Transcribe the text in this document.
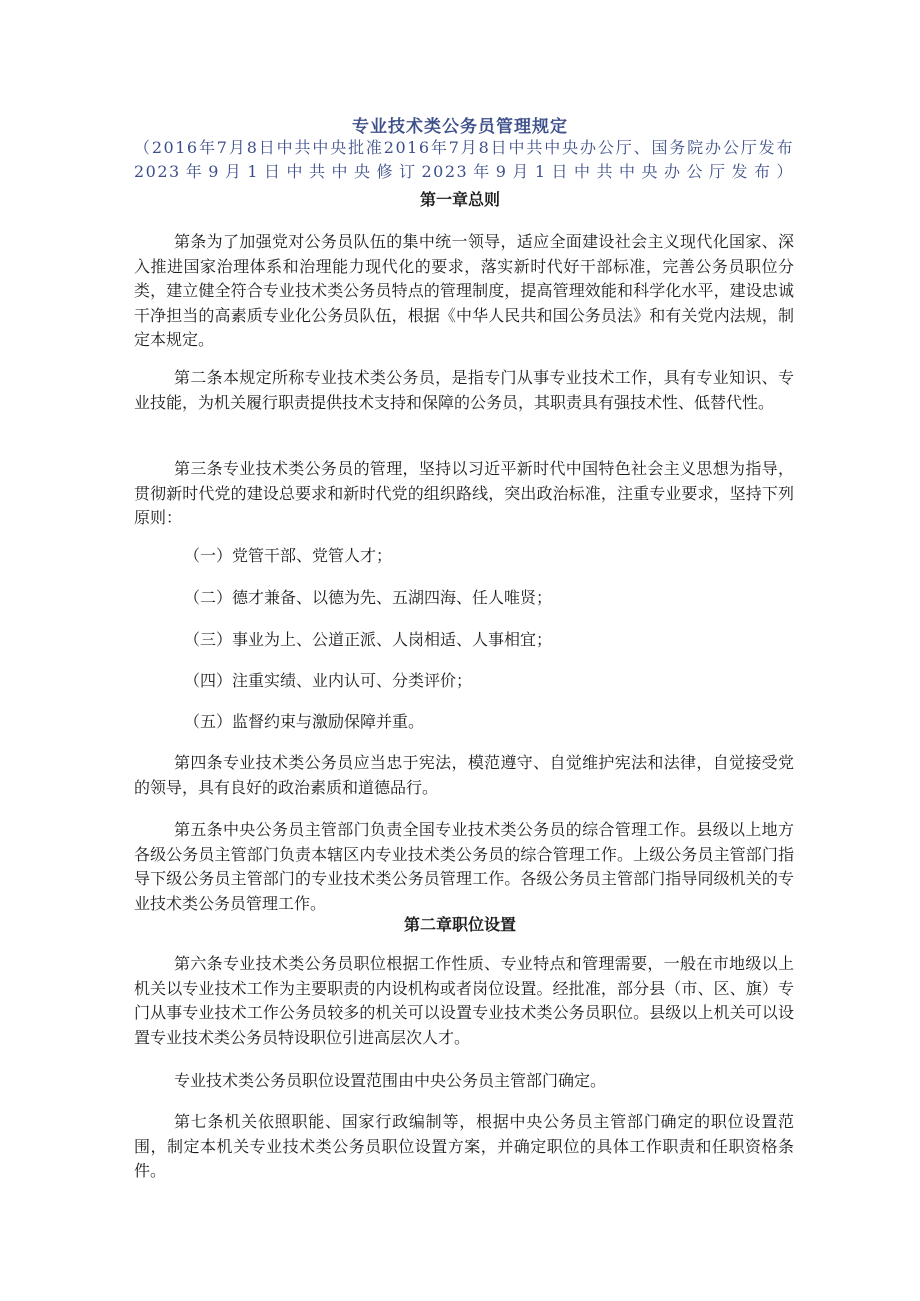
专业技术类公务员管理规定

（2016年7月8日中共中央批准2016年7月8日中共中央办公厅、国务院办公厅发布2023年9月1日中共中央修订2023年9月1日中共中央办公厅发布）

第一章总则

第条为了加强党对公务员队伍的集中统一领导，适应全面建设社会主义现代化国家、深入推进国家治理体系和治理能力现代化的要求，落实新时代好干部标准，完善公务员职位分类，建立健全符合专业技术类公务员特点的管理制度，提高管理效能和科学化水平，建设忠诚干净担当的高素质专业化公务员队伍，根据《中华人民共和国公务员法》和有关党内法规，制定本规定。

第二条本规定所称专业技术类公务员，是指专门从事专业技术工作，具有专业知识、专业技能，为机关履行职责提供技术支持和保障的公务员，其职责具有强技术性、低替代性。

第三条专业技术类公务员的管理，坚持以习近平新时代中国特色社会主义思想为指导，贯彻新时代党的建设总要求和新时代党的组织路线，突出政治标准，注重专业要求，坚持下列原则：

（一）党管干部、党管人才；

（二）德才兼备、以德为先、五湖四海、任人唯贤；

（三）事业为上、公道正派、人岗相适、人事相宜；

（四）注重实绩、业内认可、分类评价；

（五）监督约束与激励保障并重。

第四条专业技术类公务员应当忠于宪法，模范遵守、自觉维护宪法和法律，自觉接受党的领导，具有良好的政治素质和道德品行。

第五条中央公务员主管部门负责全国专业技术类公务员的综合管理工作。县级以上地方各级公务员主管部门负责本辖区内专业技术类公务员的综合管理工作。上级公务员主管部门指导下级公务员主管部门的专业技术类公务员管理工作。各级公务员主管部门指导同级机关的专业技术类公务员管理工作。

第二章职位设置

第六条专业技术类公务员职位根据工作性质、专业特点和管理需要，一般在市地级以上机关以专业技术工作为主要职责的内设机构或者岗位设置。经批准，部分县（市、区、旗）专门从事专业技术工作公务员较多的机关可以设置专业技术类公务员职位。县级以上机关可以设置专业技术类公务员特设职位引进高层次人才。

专业技术类公务员职位设置范围由中央公务员主管部门确定。

第七条机关依照职能、国家行政编制等，根据中央公务员主管部门确定的职位设置范围，制定本机关专业技术类公务员职位设置方案，并确定职位的具体工作职责和任职资格条件。
